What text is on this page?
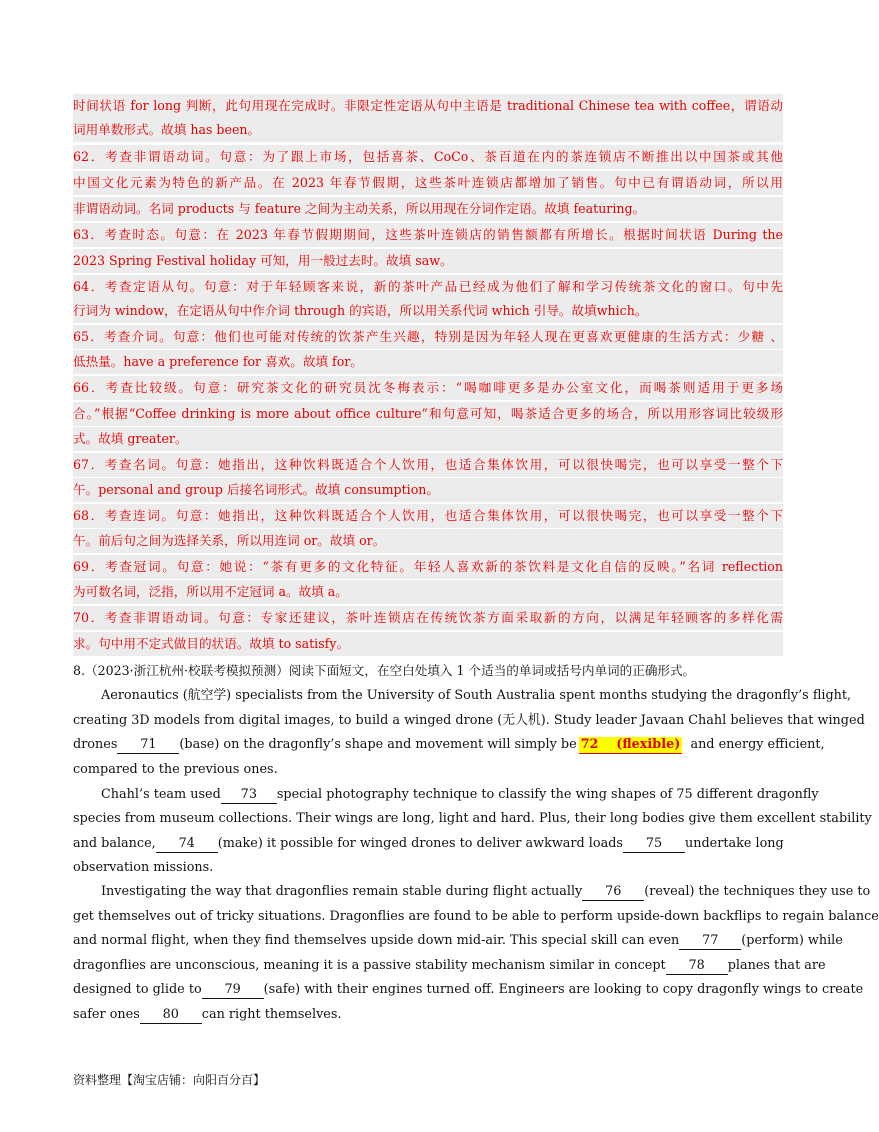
时间状语 for long 判断，此句用现在完成时。非限定性定语从句中主语是 traditional Chinese tea with coffee，谓语动
词用单数形式。故填 has been。
62．考查非谓语动词。句意：为了跟上市场，包括喜茶、CoCo、茶百道在内的茶连锁店不断推出以中国茶或其他
中国文化元素为特色的新产品。在 2023 年春节假期，这些茶叶连锁店都增加了销售。句中已有谓语动词，所以用
非谓语动词。名词 products 与 feature 之间为主动关系，所以用现在分词作定语。故填 featuring。
63．考查时态。句意：在 2023 年春节假期期间，这些茶叶连锁店的销售额都有所增长。根据时间状语 During the
2023 Spring Festival holiday 可知，用一般过去时。故填 saw。
64．考查定语从句。句意：对于年轻顾客来说，新的茶叶产品已经成为他们了解和学习传统茶文化的窗口。句中先
行词为 window，在定语从句中作介词 through 的宾语，所以用关系代词 which 引导。故填which。
65．考查介词。句意：他们也可能对传统的饮茶产生兴趣，特别是因为年轻人现在更喜欢更健康的生活方式：少糖 、
低热量。have a preference for 喜欢。故填 for。
66．考查比较级。句意：研究茶文化的研究员沈冬梅表示：“喝咖啡更多是办公室文化，而喝茶则适用于更多场
合。”根据“Coffee drinking is more about office culture”和句意可知，喝茶适合更多的场合，所以用形容词比较级形
式。故填 greater。
67．考查名词。句意：她指出，这种饮料既适合个人饮用，也适合集体饮用，可以很快喝完，也可以享受一整个下
午。personal and group 后接名词形式。故填 consumption。
68．考查连词。句意：她指出，这种饮料既适合个人饮用，也适合集体饮用，可以很快喝完，也可以享受一整个下
午。前后句之间为选择关系，所以用连词 or。故填 or。
69．考查冠词。句意：她说：“茶有更多的文化特征。年轻人喜欢新的茶饮料是文化自信的反映。”名词 reflection
为可数名词，泛指，所以用不定冠词 a。故填 a。
70．考查非谓语动词。句意：专家还建议，茶叶连锁店在传统饮茶方面采取新的方向，以满足年轻顾客的多样化需
求。句中用不定式做目的状语。故填 to satisfy。
8.（2023·浙江杭州·校联考模拟预测）阅读下面短文，在空白处填入 1 个适当的单词或括号内单词的正确形式。
Aeronautics (航空学) specialists from the University of South Australia spent months studying the dragonfly’s flight,
creating 3D models from digital images, to build a winged drone (无人机). Study leader Javaan Chahl believes that winged
drones 71 (base) on the dragonfly’s shape and movement will simply be 72    (flexible) and energy efficient,
compared to the previous ones.
Chahl’s team used 73 special photography technique to classify the wing shapes of 75 different dragonfly
species from museum collections. Their wings are long, light and hard. Plus, their long bodies give them excellent stability
and balance, 74 (make) it possible for winged drones to deliver awkward loads 75 undertake long
observation missions.
Investigating the way that dragonflies remain stable during flight actually 76 (reveal) the techniques they use to
get themselves out of tricky situations. Dragonflies are found to be able to perform upside-down backflips to regain balance
and normal flight, when they find themselves upside down mid-air. This special skill can even 77 (perform) while
dragonflies are unconscious, meaning it is a passive stability mechanism similar in concept 78 planes that are
designed to glide to 79 (safe) with their engines turned off. Engineers are looking to copy dragonfly wings to create
safer ones 80 can right themselves.
资料整理【淘宝店铺：向阳百分百】
